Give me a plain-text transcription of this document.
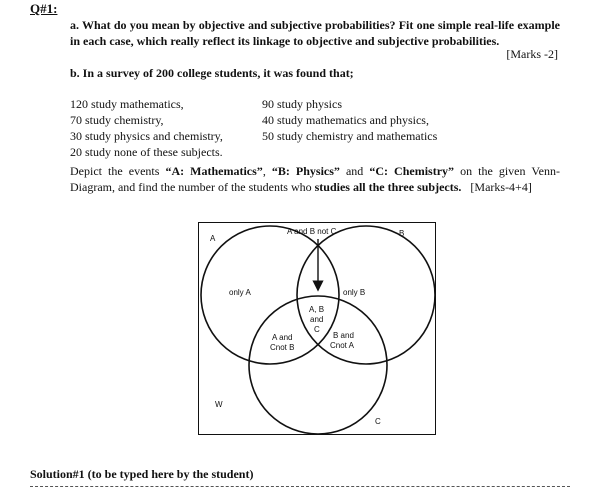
Q#1:
a. What do you mean by objective and subjective probabilities? Fit one simple real-life example in each case, which really reflect its linkage to objective and subjective probabilities.
[Marks -2]
b. In a survey of 200 college students, it was found that;
120 study mathematics,
70 study chemistry,
30 study physics and chemistry,
20 study none of these subjects.
90 study physics
40 study mathematics and physics,
50 study chemistry and mathematics
Depict the events “A: Mathematics”, “B: Physics” and “C: Chemistry” on the given Venn-Diagram, and find the number of the students who studies all the three subjects. [Marks-4+4]
A
B
C
W
A and B not C
only A	only B
A, B
and
C
A and
Cnot B
B and
Cnot A
Solution#1 (to be typed here by the student)
